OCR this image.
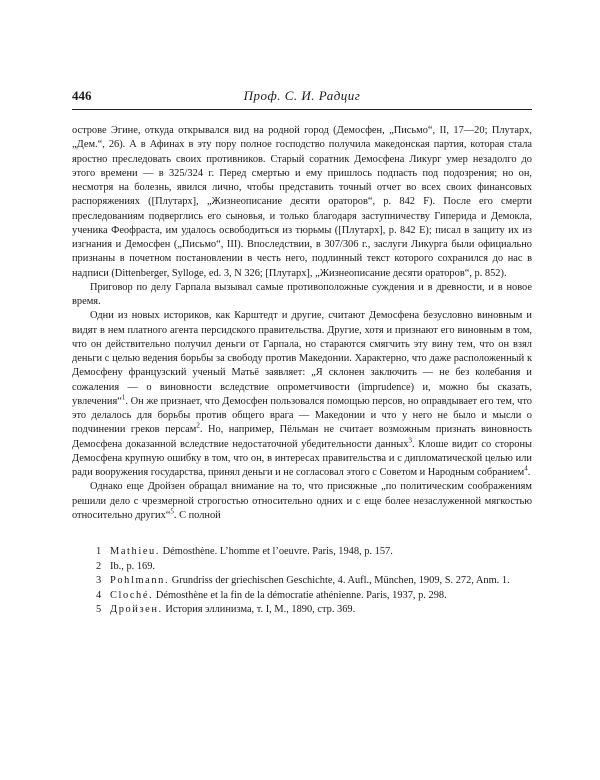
446	Проф. С. И. Радциг

острове Эгине, откуда открывался вид на родной город (Демосфен, „Письмо“, II, 17—20; Плутарх, „Дем.“, 26). А в Афинах в эту пору полное господство получила македонская партия, которая стала яростно преследовать своих противников. Старый соратник Демосфена Ликург умер незадолго до этого времени — в 325/324 г. Перед смертью и ему пришлось подпасть под подозрения; но он, несмотря на болезнь, явился лично, чтобы представить точный отчет во всех своих финансовых распоряжениях ([Плутарх], „Жизнеописание десяти ораторов“, р. 842 F). После его смерти преследованиям подверглись его сыновья, и только благодаря заступничеству Гиперида и Демокла, ученика Феофраста, им удалось освободиться из тюрьмы ([Плутарх], р. 842 E); писал в защиту их из изгнания и Демосфен („Письмо“, III). Впоследствии, в 307/306 г., заслуги Ликурга были официально признаны в почетном постановлении в честь него, подлинный текст которого сохранился до нас в надписи (Dittenberger, Sylloge, ed. 3, N 326; [Плутарх], „Жизнеописание десяти ораторов“, р. 852).

Приговор по делу Гарпала вызывал самые противоположные суждения и в древности, и в новое время.

Одни из новых историков, как Карштедт и другие, считают Демосфена безусловно виновным и видят в нем платного агента персидского правительства. Другие, хотя и признают его виновным в том, что он действительно получил деньги от Гарпала, но стараются смягчить эту вину тем, что он взял деньги с целью ведения борьбы за свободу против Македонии. Характерно, что даже расположенный к Демосфену французский ученый Матьё заявляет: „Я склонен заключить — не без колебания и сожаления — о виновности вследствие опрометчивости (imprudence) и, можно бы сказать, увлечения“$^1$. Он же признает, что Демосфен пользовался помощью персов, но оправдывает его тем, что это делалось для борьбы против общего врага — Македонии и что у него не было и мысли о подчинении греков персам$^2$. Но, например, Пёльман не считает возможным признать виновность Демосфена доказанной вследствие недостаточной убедительности данных$^3$. Клоше видит со стороны Демосфена крупную ошибку в том, что он, в интересах правительства и с дипломатической целью или ради вооружения государства, принял деньги и не согласовал этого с Советом и Народным собранием$^4$.

Однако еще Дройзен обращал внимание на то, что присяжные „по политическим соображениям решили дело с чрезмерной строгостью относительно одних и с еще более незаслуженной мягкостью относительно других“$^5$. С полной

1 Mathieu. Démosthène. L’homme et l’oeuvre. Paris, 1948, p. 157.
2 Ib., p. 169.
3 Pohlmann. Grundriss der griechischen Geschichte, 4. Aufl., München, 1909, S. 272, Anm. 1.
4 Cloché. Démosthène et la fin de la démocratie athénienne. Paris, 1937, p. 298.
5 Дройзен. История эллинизма, т. I, М., 1890, стр. 369.
